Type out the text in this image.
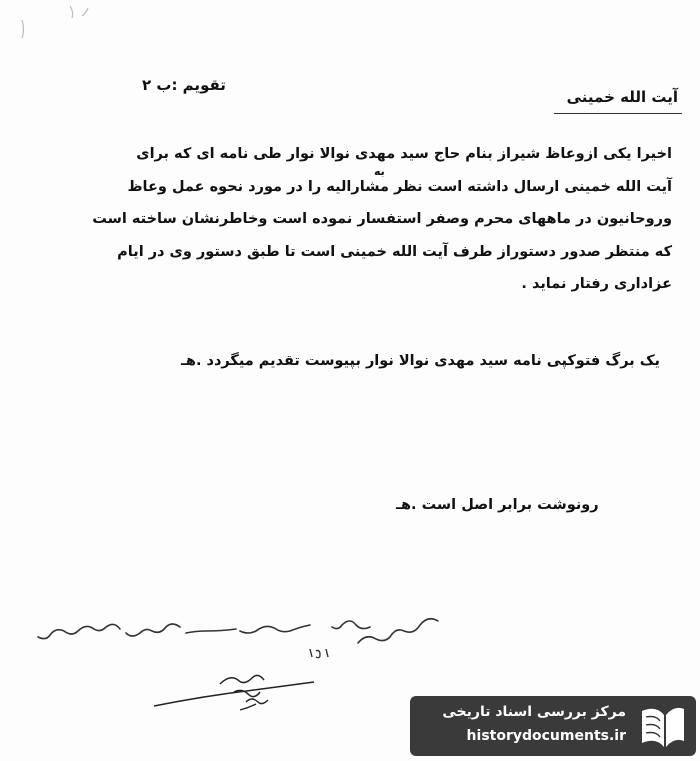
تقویم :ب ۲
آیت الله خمینی
به
اخیرا یکی ازوعاظ شیراز بنام حاج سید مهدی نوالا نوار طی نامه ای که برای
آیت الله خمینی ارسال داشته است نظر مشارالیه را در مورد نحوه عمل وعاظ
وروحانیون در ماههای محرم وصفر استفسار نموده است وخاطرنشان ساخته است
که منتظر صدور دستوراز طرف آیت الله خمینی است تا طبق دستور وی در ایام
عزاداری رفتار نماید .
یک برگ فتوکپی نامه سید مهدی نوالا نوار بپیوست تقدیم میگردد .هـ
رونوشت برابر اصل است .هـ
مرکز بررسی اسناد تاریخی
historydocuments.ir
